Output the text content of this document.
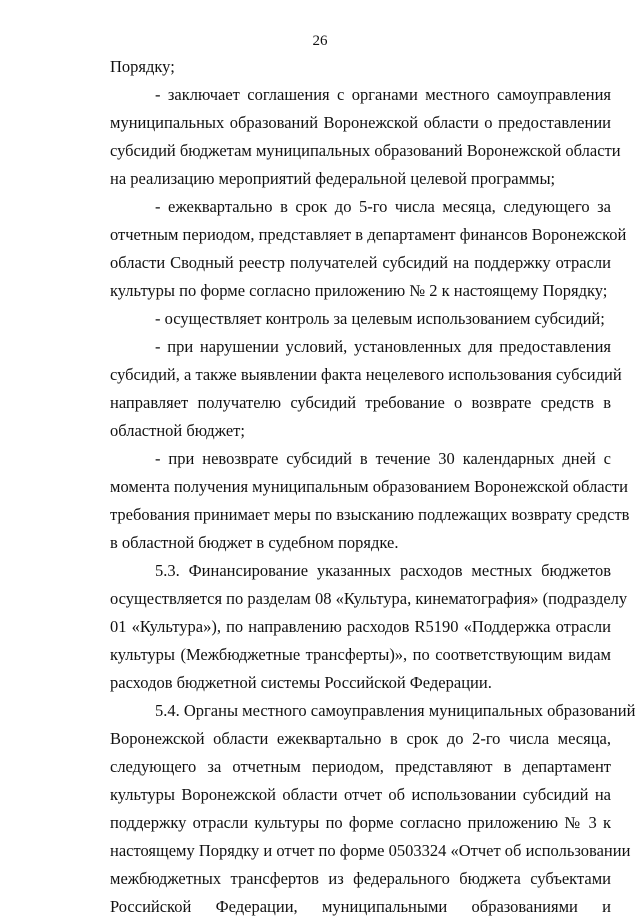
26
Порядку;
- заключает соглашения с органами местного самоуправления
муниципальных образований Воронежской области о предоставлении
субсидий бюджетам муниципальных образований Воронежской области
на реализацию мероприятий федеральной целевой программы;
- ежеквартально в срок до 5-го числа месяца, следующего за
отчетным периодом, представляет в департамент финансов Воронежской
области Сводный реестр получателей субсидий на поддержку отрасли
культуры по форме согласно приложению № 2 к настоящему Порядку;
- осуществляет контроль за целевым использованием субсидий;
- при нарушении условий, установленных для предоставления
субсидий, а также выявлении факта нецелевого использования субсидий
направляет получателю субсидий требование о возврате средств в
областной бюджет;
- при невозврате субсидий в течение 30 календарных дней с
момента получения муниципальным образованием Воронежской области
требования принимает меры по взысканию подлежащих возврату средств
в областной бюджет в судебном порядке.
5.3. Финансирование указанных расходов местных бюджетов
осуществляется по разделам 08 «Культура, кинематография» (подразделу
01 «Культура»), по направлению расходов R5190 «Поддержка отрасли
культуры (Межбюджетные трансферты)», по соответствующим видам
расходов бюджетной системы Российской Федерации.
5.4. Органы местного самоуправления муниципальных образований
Воронежской области ежеквартально в срок до 2-го числа месяца,
следующего за отчетным периодом, представляют в департамент
культуры Воронежской области отчет об использовании субсидий на
поддержку отрасли культуры по форме согласно приложению № 3 к
настоящему Порядку и отчет по форме 0503324 «Отчет об использовании
межбюджетных трансфертов из федерального бюджета субъектами
Российской Федерации, муниципальными образованиями и
